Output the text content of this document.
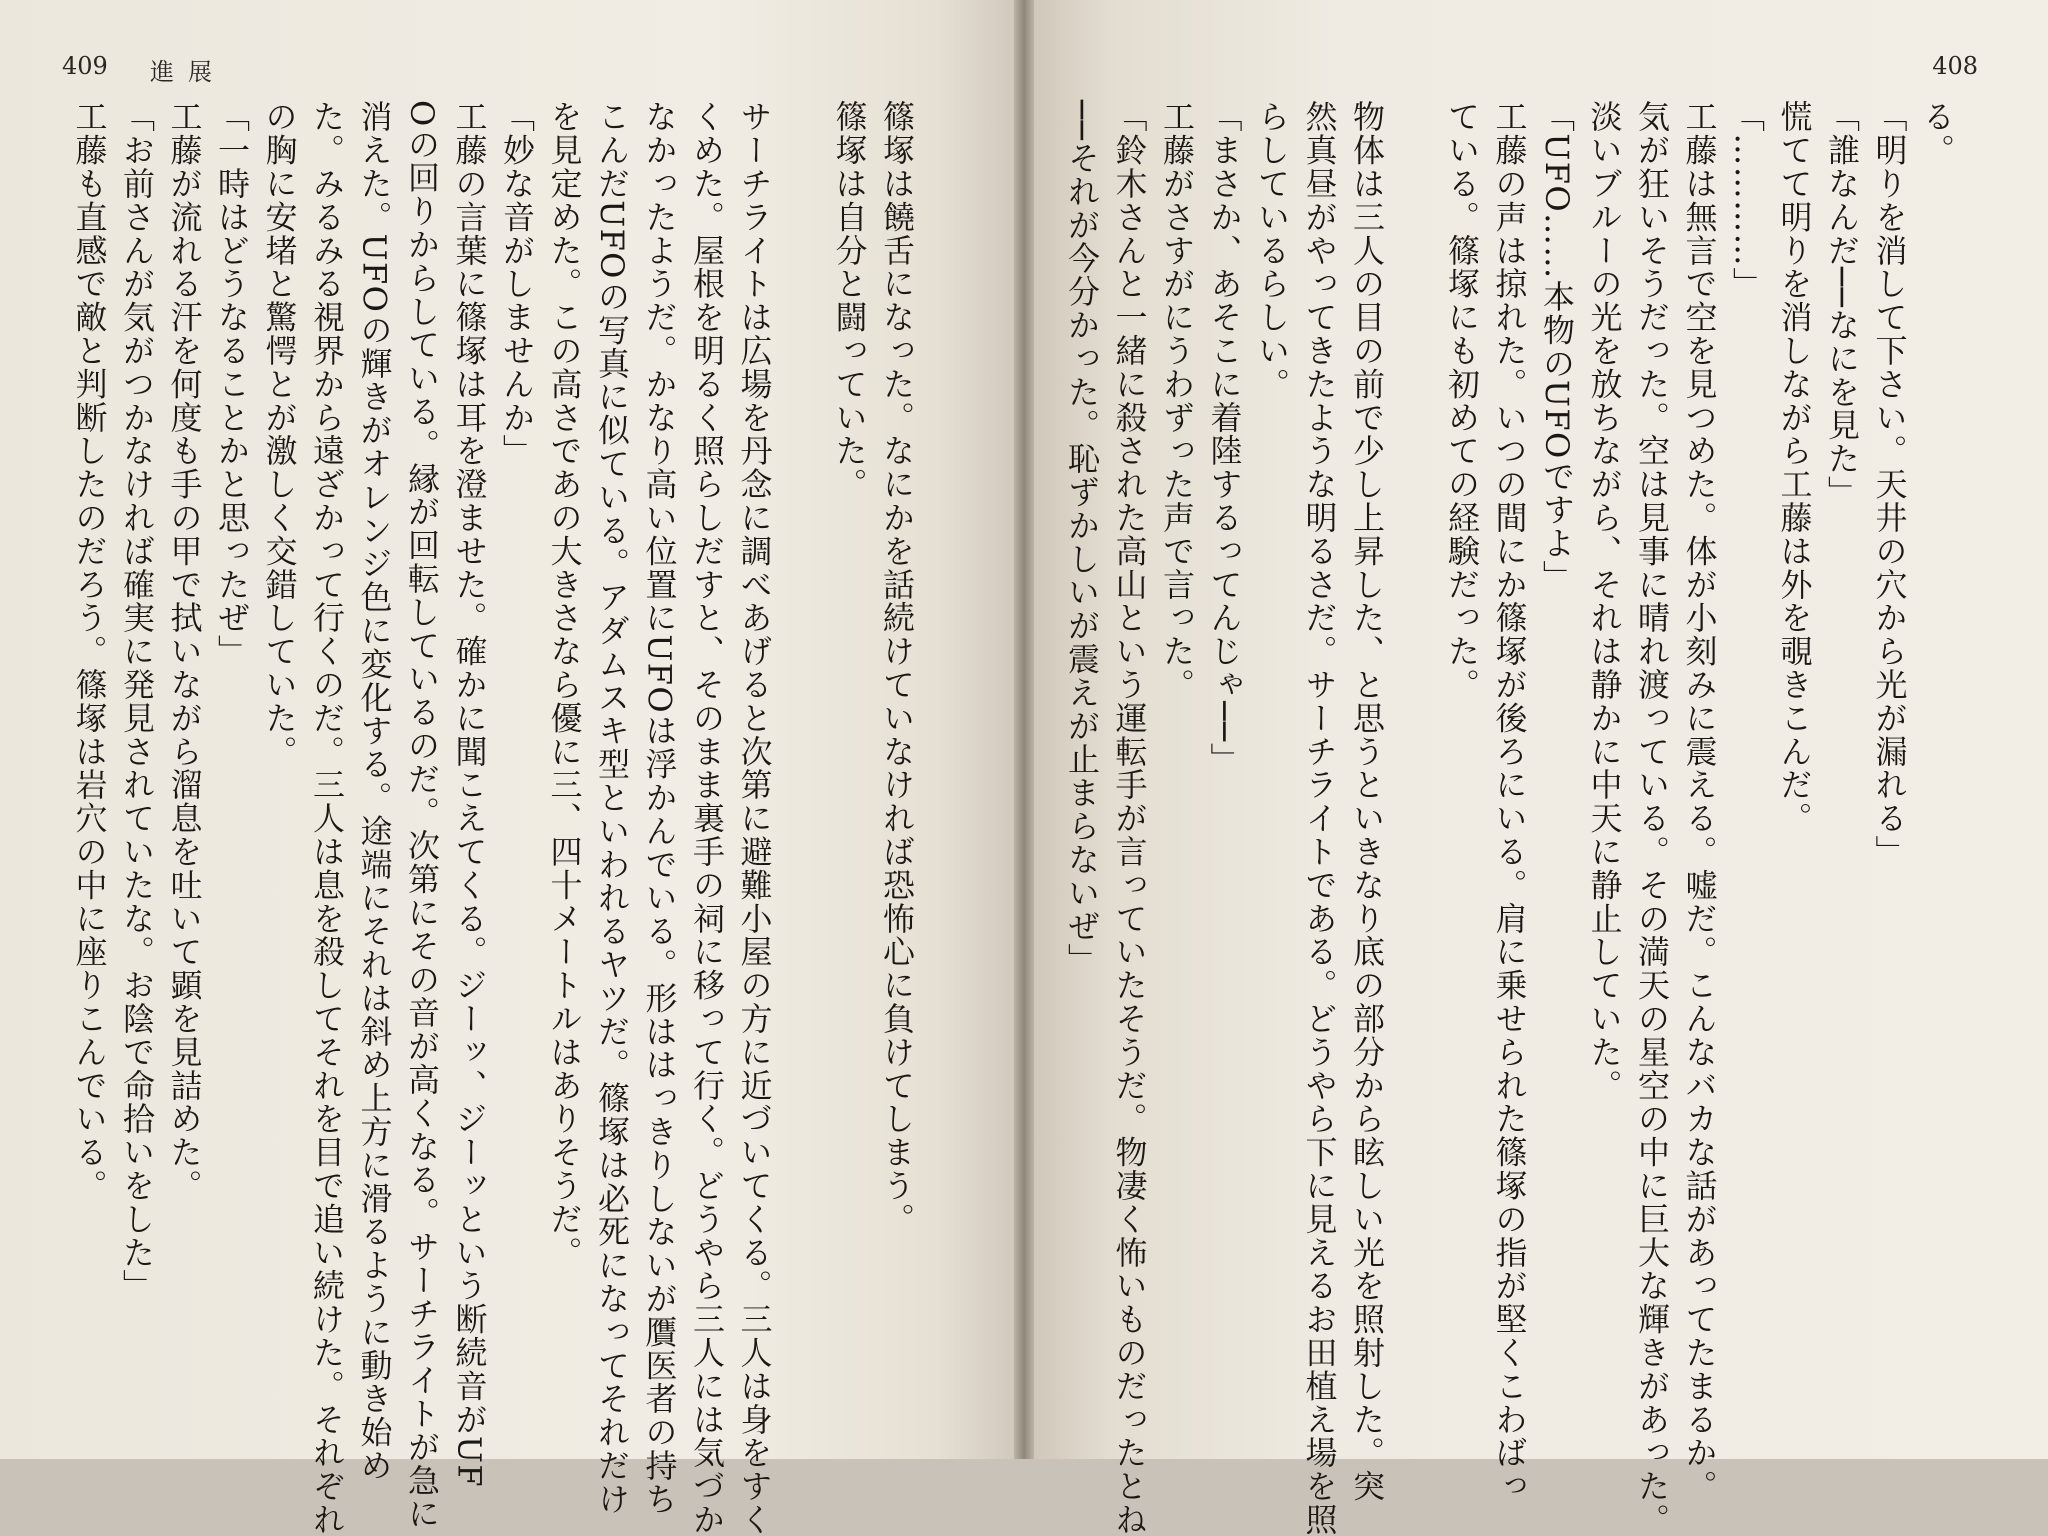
409 進展
篠塚は饒舌になった。なにかを話続けていなければ恐怖心に負けてしまう。
篠塚は自分と闘っていた。
サーチライトは広場を丹念に調べあげると次第に避難小屋の方に近づいてくる。三人は身をすく
くめた。屋根を明るく照らしだすと、そのまま裏手の祠に移って行く。どうやら三人には気づか
なかったようだ。かなり高い位置にUFOは浮かんでいる。形ははっきりしないが贋医者の持ち
こんだUFOの写真に似ている。アダムスキ型といわれるヤツだ。篠塚は必死になってそれだけ
を見定めた。この高さであの大きさなら優に三、四十メートルはありそうだ。
「妙な音がしませんか」
工藤の言葉に篠塚は耳を澄ませた。確かに聞こえてくる。ジーッ、ジーッという断続音がUF
Oの回りからしている。縁が回転しているのだ。次第にその音が高くなる。サーチライトが急に
消えた。UFOの輝きがオレンジ色に変化する。途端にそれは斜め上方に滑るように動き始め
た。みるみる視界から遠ざかって行くのだ。三人は息を殺してそれを目で追い続けた。それぞれ
の胸に安堵と驚愕とが激しく交錯していた。
「一時はどうなることかと思ったぜ」
工藤が流れる汗を何度も手の甲で拭いながら溜息を吐いて顕を見詰めた。
「お前さんが気がつかなければ確実に発見されていたな。お陰で命拾いをした」
工藤も直感で敵と判断したのだろう。篠塚は岩穴の中に座りこんでいる。
408
る。
「明りを消して下さい。天井の穴から光が漏れる」
「誰なんだ──なにを見た」
慌てて明りを消しながら工藤は外を覗きこんだ。
「…………」
工藤は無言で空を見つめた。体が小刻みに震える。嘘だ。こんなバカな話があってたまるか。
気が狂いそうだった。空は見事に晴れ渡っている。その満天の星空の中に巨大な輝きがあった。
淡いブルーの光を放ちながら、それは静かに中天に静止していた。
「UFO……本物のUFOですよ」
工藤の声は掠れた。いつの間にか篠塚が後ろにいる。肩に乗せられた篠塚の指が堅くこわばっ
ている。篠塚にも初めての経験だった。
物体は三人の目の前で少し上昇した、と思うといきなり底の部分から眩しい光を照射した。突
然真昼がやってきたような明るさだ。サーチライトである。どうやら下に見えるお田植え場を照
らしているらしい。
「まさか、あそこに着陸するってんじゃ──」
工藤がさすがにうわずった声で言った。
「鈴木さんと一緒に殺された高山という運転手が言っていたそうだ。物凄く怖いものだったとね
──それが今分かった。恥ずかしいが震えが止まらないぜ」
